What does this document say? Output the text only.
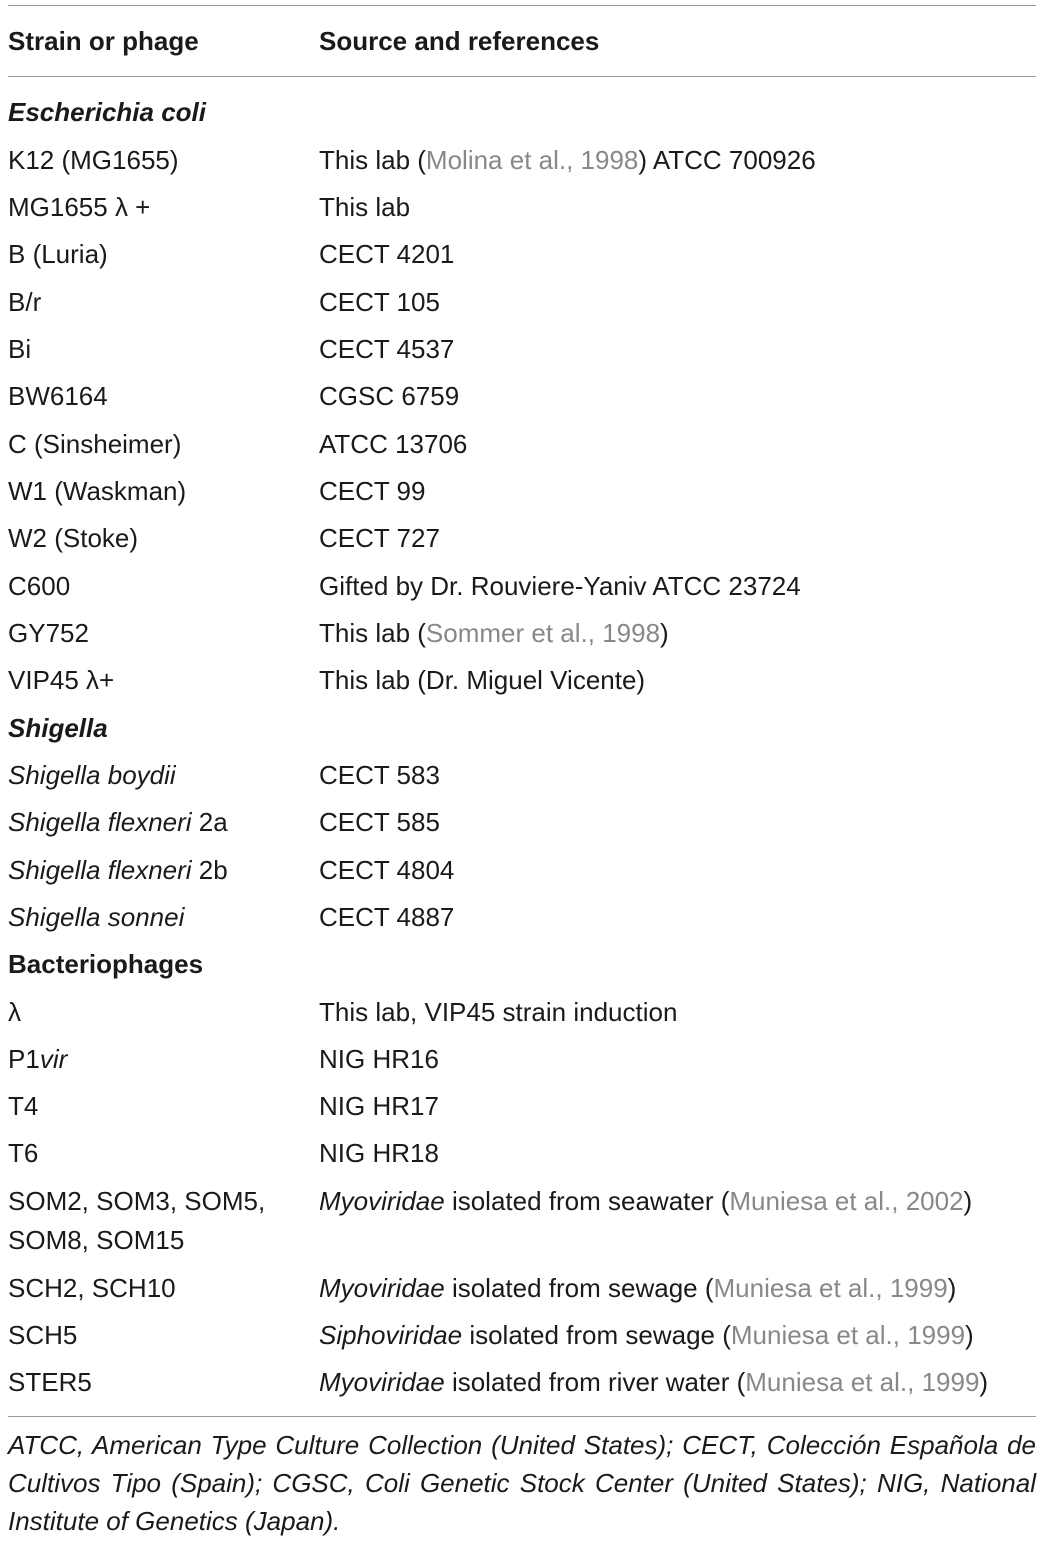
Strain or phage	Source and references
Escherichia coli
K12 (MG1655)	This lab (Molina et al., 1998) ATCC 700926
MG1655 λ +	This lab
B (Luria)	CECT 4201
B/r	CECT 105
Bi	CECT 4537
BW6164	CGSC 6759
C (Sinsheimer)	ATCC 13706
W1 (Waskman)	CECT 99
W2 (Stoke)	CECT 727
C600	Gifted by Dr. Rouviere-Yaniv ATCC 23724
GY752	This lab (Sommer et al., 1998)
VIP45 λ+	This lab (Dr. Miguel Vicente)
Shigella
Shigella boydii	CECT 583
Shigella flexneri 2a	CECT 585
Shigella flexneri 2b	CECT 4804
Shigella sonnei	CECT 4887
Bacteriophages
λ	This lab, VIP45 strain induction
P1vir	NIG HR16
T4	NIG HR17
T6	NIG HR18
SOM2, SOM3, SOM5,	Myoviridae isolated from seawater (Muniesa et al., 2002)
SOM8, SOM15
SCH2, SCH10	Myoviridae isolated from sewage (Muniesa et al., 1999)
SCH5	Siphoviridae isolated from sewage (Muniesa et al., 1999)
STER5	Myoviridae isolated from river water (Muniesa et al., 1999)
ATCC, American Type Culture Collection (United States); CECT, Colección Española de Cultivos Tipo (Spain); CGSC, Coli Genetic Stock Center (United States); NIG, National Institute of Genetics (Japan).
